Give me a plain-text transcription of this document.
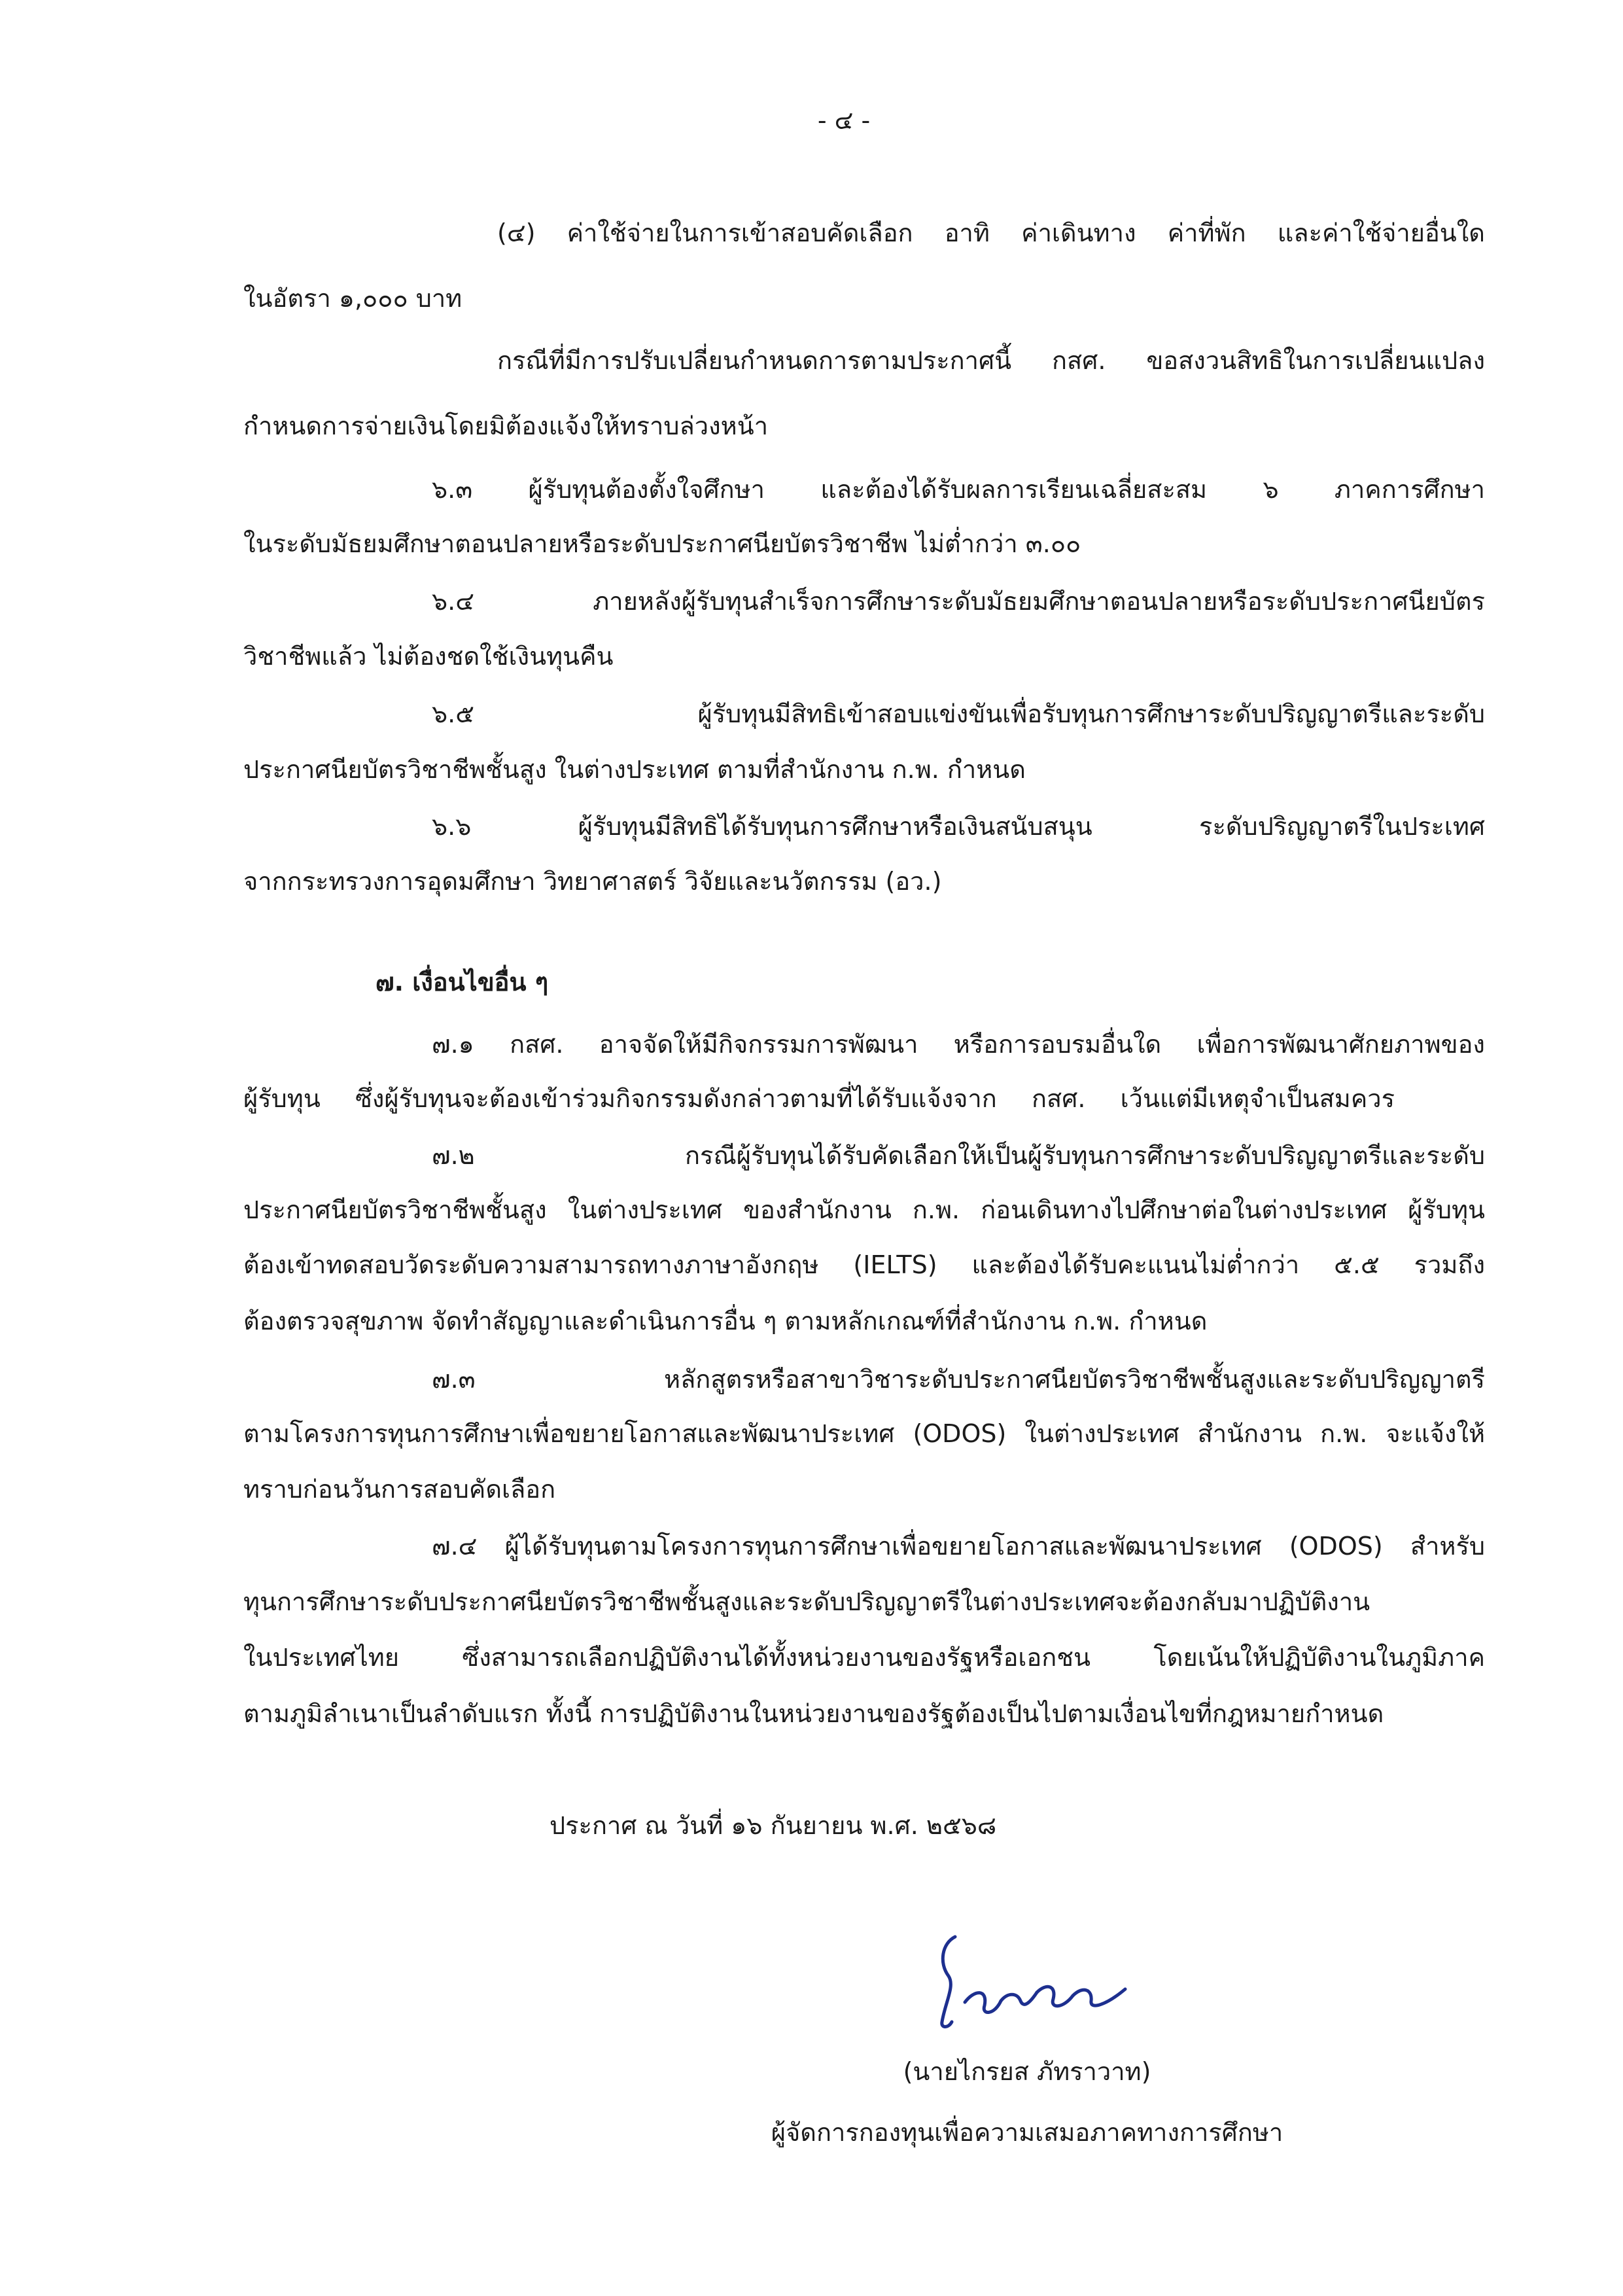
- ๔ -
(๔) ค่าใช้จ่ายในการเข้าสอบคัดเลือก อาทิ ค่าเดินทาง ค่าที่พัก และค่าใช้จ่ายอื่นใด
ในอัตรา ๑,๐๐๐ บาท
กรณีที่มีการปรับเปลี่ยนกำหนดการตามประกาศนี้ กสศ. ขอสงวนสิทธิในการเปลี่ยนแปลง
กำหนดการจ่ายเงินโดยมิต้องแจ้งให้ทราบล่วงหน้า
๖.๓ ผู้รับทุนต้องตั้งใจศึกษา และต้องได้รับผลการเรียนเฉลี่ยสะสม ๖ ภาคการศึกษา
ในระดับมัธยมศึกษาตอนปลายหรือระดับประกาศนียบัตรวิชาชีพ ไม่ต่ำกว่า ๓.๐๐
๖.๔ ภายหลังผู้รับทุนสำเร็จการศึกษาระดับมัธยมศึกษาตอนปลายหรือระดับประกาศนียบัตร
วิชาชีพแล้ว ไม่ต้องชดใช้เงินทุนคืน
๖.๕ ผู้รับทุนมีสิทธิเข้าสอบแข่งขันเพื่อรับทุนการศึกษาระดับปริญญาตรีและระดับ
ประกาศนียบัตรวิชาชีพชั้นสูง ในต่างประเทศ ตามที่สำนักงาน ก.พ. กำหนด
๖.๖ ผู้รับทุนมีสิทธิได้รับทุนการศึกษาหรือเงินสนับสนุน ระดับปริญญาตรีในประเทศ
จากกระทรวงการอุดมศึกษา วิทยาศาสตร์ วิจัยและนวัตกรรม (อว.)
๗. เงื่อนไขอื่น ๆ
๗.๑ กสศ. อาจจัดให้มีกิจกรรมการพัฒนา หรือการอบรมอื่นใด เพื่อการพัฒนาศักยภาพของ
ผู้รับทุน ซึ่งผู้รับทุนจะต้องเข้าร่วมกิจกรรมดังกล่าวตามที่ได้รับแจ้งจาก กสศ. เว้นแต่มีเหตุจำเป็นสมควร
๗.๒ กรณีผู้รับทุนได้รับคัดเลือกให้เป็นผู้รับทุนการศึกษาระดับปริญญาตรีและระดับ
ประกาศนียบัตรวิชาชีพชั้นสูง ในต่างประเทศ ของสำนักงาน ก.พ. ก่อนเดินทางไปศึกษาต่อในต่างประเทศ ผู้รับทุน
ต้องเข้าทดสอบวัดระดับความสามารถทางภาษาอังกฤษ (IELTS) และต้องได้รับคะแนนไม่ต่ำกว่า ๕.๕ รวมถึง
ต้องตรวจสุขภาพ จัดทำสัญญาและดำเนินการอื่น ๆ ตามหลักเกณฑ์ที่สำนักงาน ก.พ. กำหนด
๗.๓ หลักสูตรหรือสาขาวิชาระดับประกาศนียบัตรวิชาชีพชั้นสูงและระดับปริญญาตรี
ตามโครงการทุนการศึกษาเพื่อขยายโอกาสและพัฒนาประเทศ (ODOS) ในต่างประเทศ สำนักงาน ก.พ. จะแจ้งให้
ทราบก่อนวันการสอบคัดเลือก
๗.๔ ผู้ได้รับทุนตามโครงการทุนการศึกษาเพื่อขยายโอกาสและพัฒนาประเทศ (ODOS) สำหรับ
ทุนการศึกษาระดับประกาศนียบัตรวิชาชีพชั้นสูงและระดับปริญญาตรีในต่างประเทศจะต้องกลับมาปฏิบัติงาน
ในประเทศไทย ซึ่งสามารถเลือกปฏิบัติงานได้ทั้งหน่วยงานของรัฐหรือเอกชน โดยเน้นให้ปฏิบัติงานในภูมิภาค
ตามภูมิลำเนาเป็นลำดับแรก ทั้งนี้ การปฏิบัติงานในหน่วยงานของรัฐต้องเป็นไปตามเงื่อนไขที่กฎหมายกำหนด
ประกาศ ณ วันที่ ๑๖ กันยายน พ.ศ. ๒๕๖๘
(นายไกรยส ภัทราวาท)
ผู้จัดการกองทุนเพื่อความเสมอภาคทางการศึกษา
